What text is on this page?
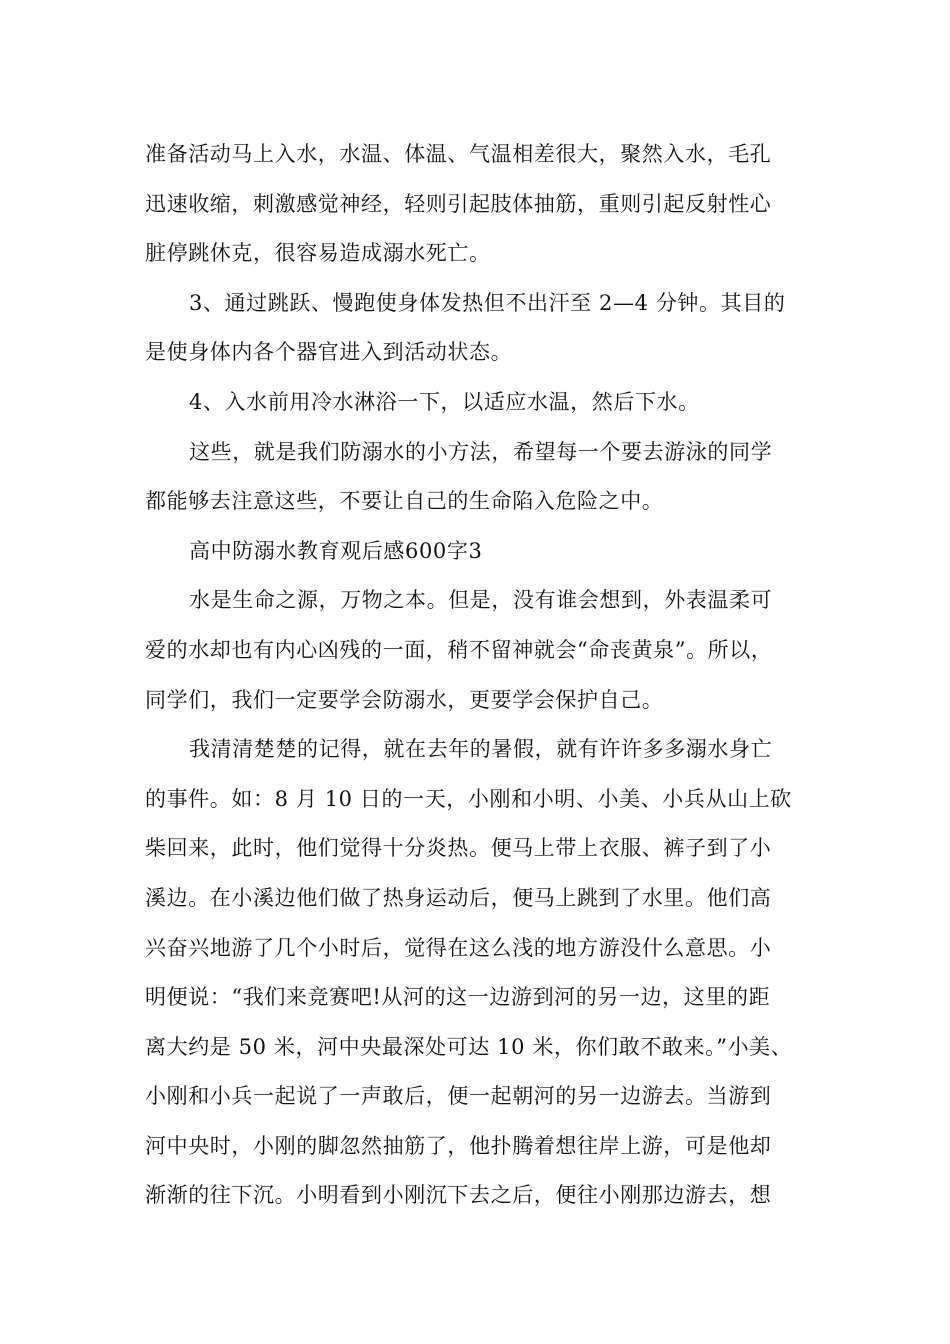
准备活动马上入水，水温、体温、气温相差很大，聚然入水，毛孔
迅速收缩，刺激感觉神经，轻则引起肢体抽筋，重则引起反射性心
脏停跳休克，很容易造成溺水死亡。
3、通过跳跃、慢跑使身体发热但不出汗至 2—4 分钟。其目的
是使身体内各个器官进入到活动状态。
4、入水前用冷水淋浴一下，以适应水温，然后下水。
这些，就是我们防溺水的小方法，希望每一个要去游泳的同学
都能够去注意这些，不要让自己的生命陷入危险之中。
高中防溺水教育观后感600字3
水是生命之源，万物之本。但是，没有谁会想到，外表温柔可
爱的水却也有内心凶残的一面，稍不留神就会“命丧黄泉”。所以，
同学们，我们一定要学会防溺水，更要学会保护自己。
我清清楚楚的记得，就在去年的暑假，就有许许多多溺水身亡
的事件。如：8 月 10 日的一天，小刚和小明、小美、小兵从山上砍
柴回来，此时，他们觉得十分炎热。便马上带上衣服、裤子到了小
溪边。在小溪边他们做了热身运动后，便马上跳到了水里。他们高
兴奋兴地游了几个小时后，觉得在这么浅的地方游没什么意思。小
明便说：“我们来竞赛吧!从河的这一边游到河的另一边，这里的距
离大约是 50 米，河中央最深处可达 10 米，你们敢不敢来。”小美、
小刚和小兵一起说了一声敢后，便一起朝河的另一边游去。当游到
河中央时，小刚的脚忽然抽筋了，他扑腾着想往岸上游，可是他却
渐渐的往下沉。小明看到小刚沉下去之后，便往小刚那边游去，想
